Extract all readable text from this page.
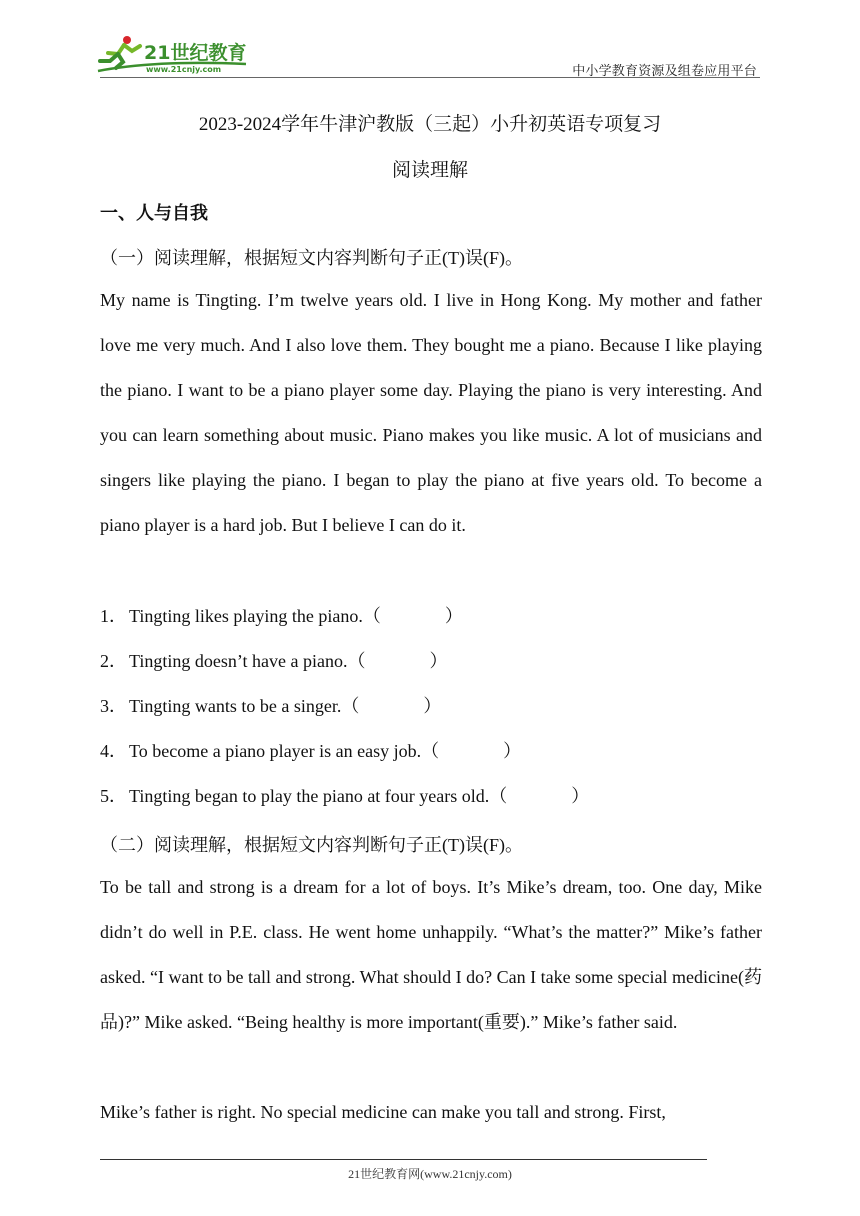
21世纪教育
www.21cnjy.com	中小学教育资源及组卷应用平台
2023-2024学年牛津沪教版（三起）小升初英语专项复习
阅读理解
一、人与自我
（一）阅读理解，根据短文内容判断句子正(T)误(F)。

My name is Tingting. I’m twelve years old. I live in Hong Kong. My mother and father love me very much. And I also love them. They bought me a piano. Because I like playing the piano. I want to be a piano player some day. Playing the piano is very interesting. And you can learn something about music. Piano makes you like music. A lot of musicians and singers like playing the piano. I began to play the piano at five years old. To become a piano player is a hard job. But I believe I can do it.

1． Tingting likes playing the piano.（	）
2． Tingting doesn’t have a piano.（	）
3． Tingting wants to be a singer.（	）
4． To become a piano player is an easy job.（	）
5． Tingting began to play the piano at four years old.（	）
（二）阅读理解，根据短文内容判断句子正(T)误(F)。

To be tall and strong is a dream for a lot of boys. It’s Mike’s dream, too. One day, Mike didn’t do well in P.E. class. He went home unhappily. “What’s the matter?” Mike’s father asked. “I want to be tall and strong. What should I do? Can I take some special medicine(药品)?” Mike asked. “Being healthy is more important(重要).” Mike’s father said.

Mike’s father is right. No special medicine can make you tall and strong. First,

21世纪教育网(www.21cnjy.com)
